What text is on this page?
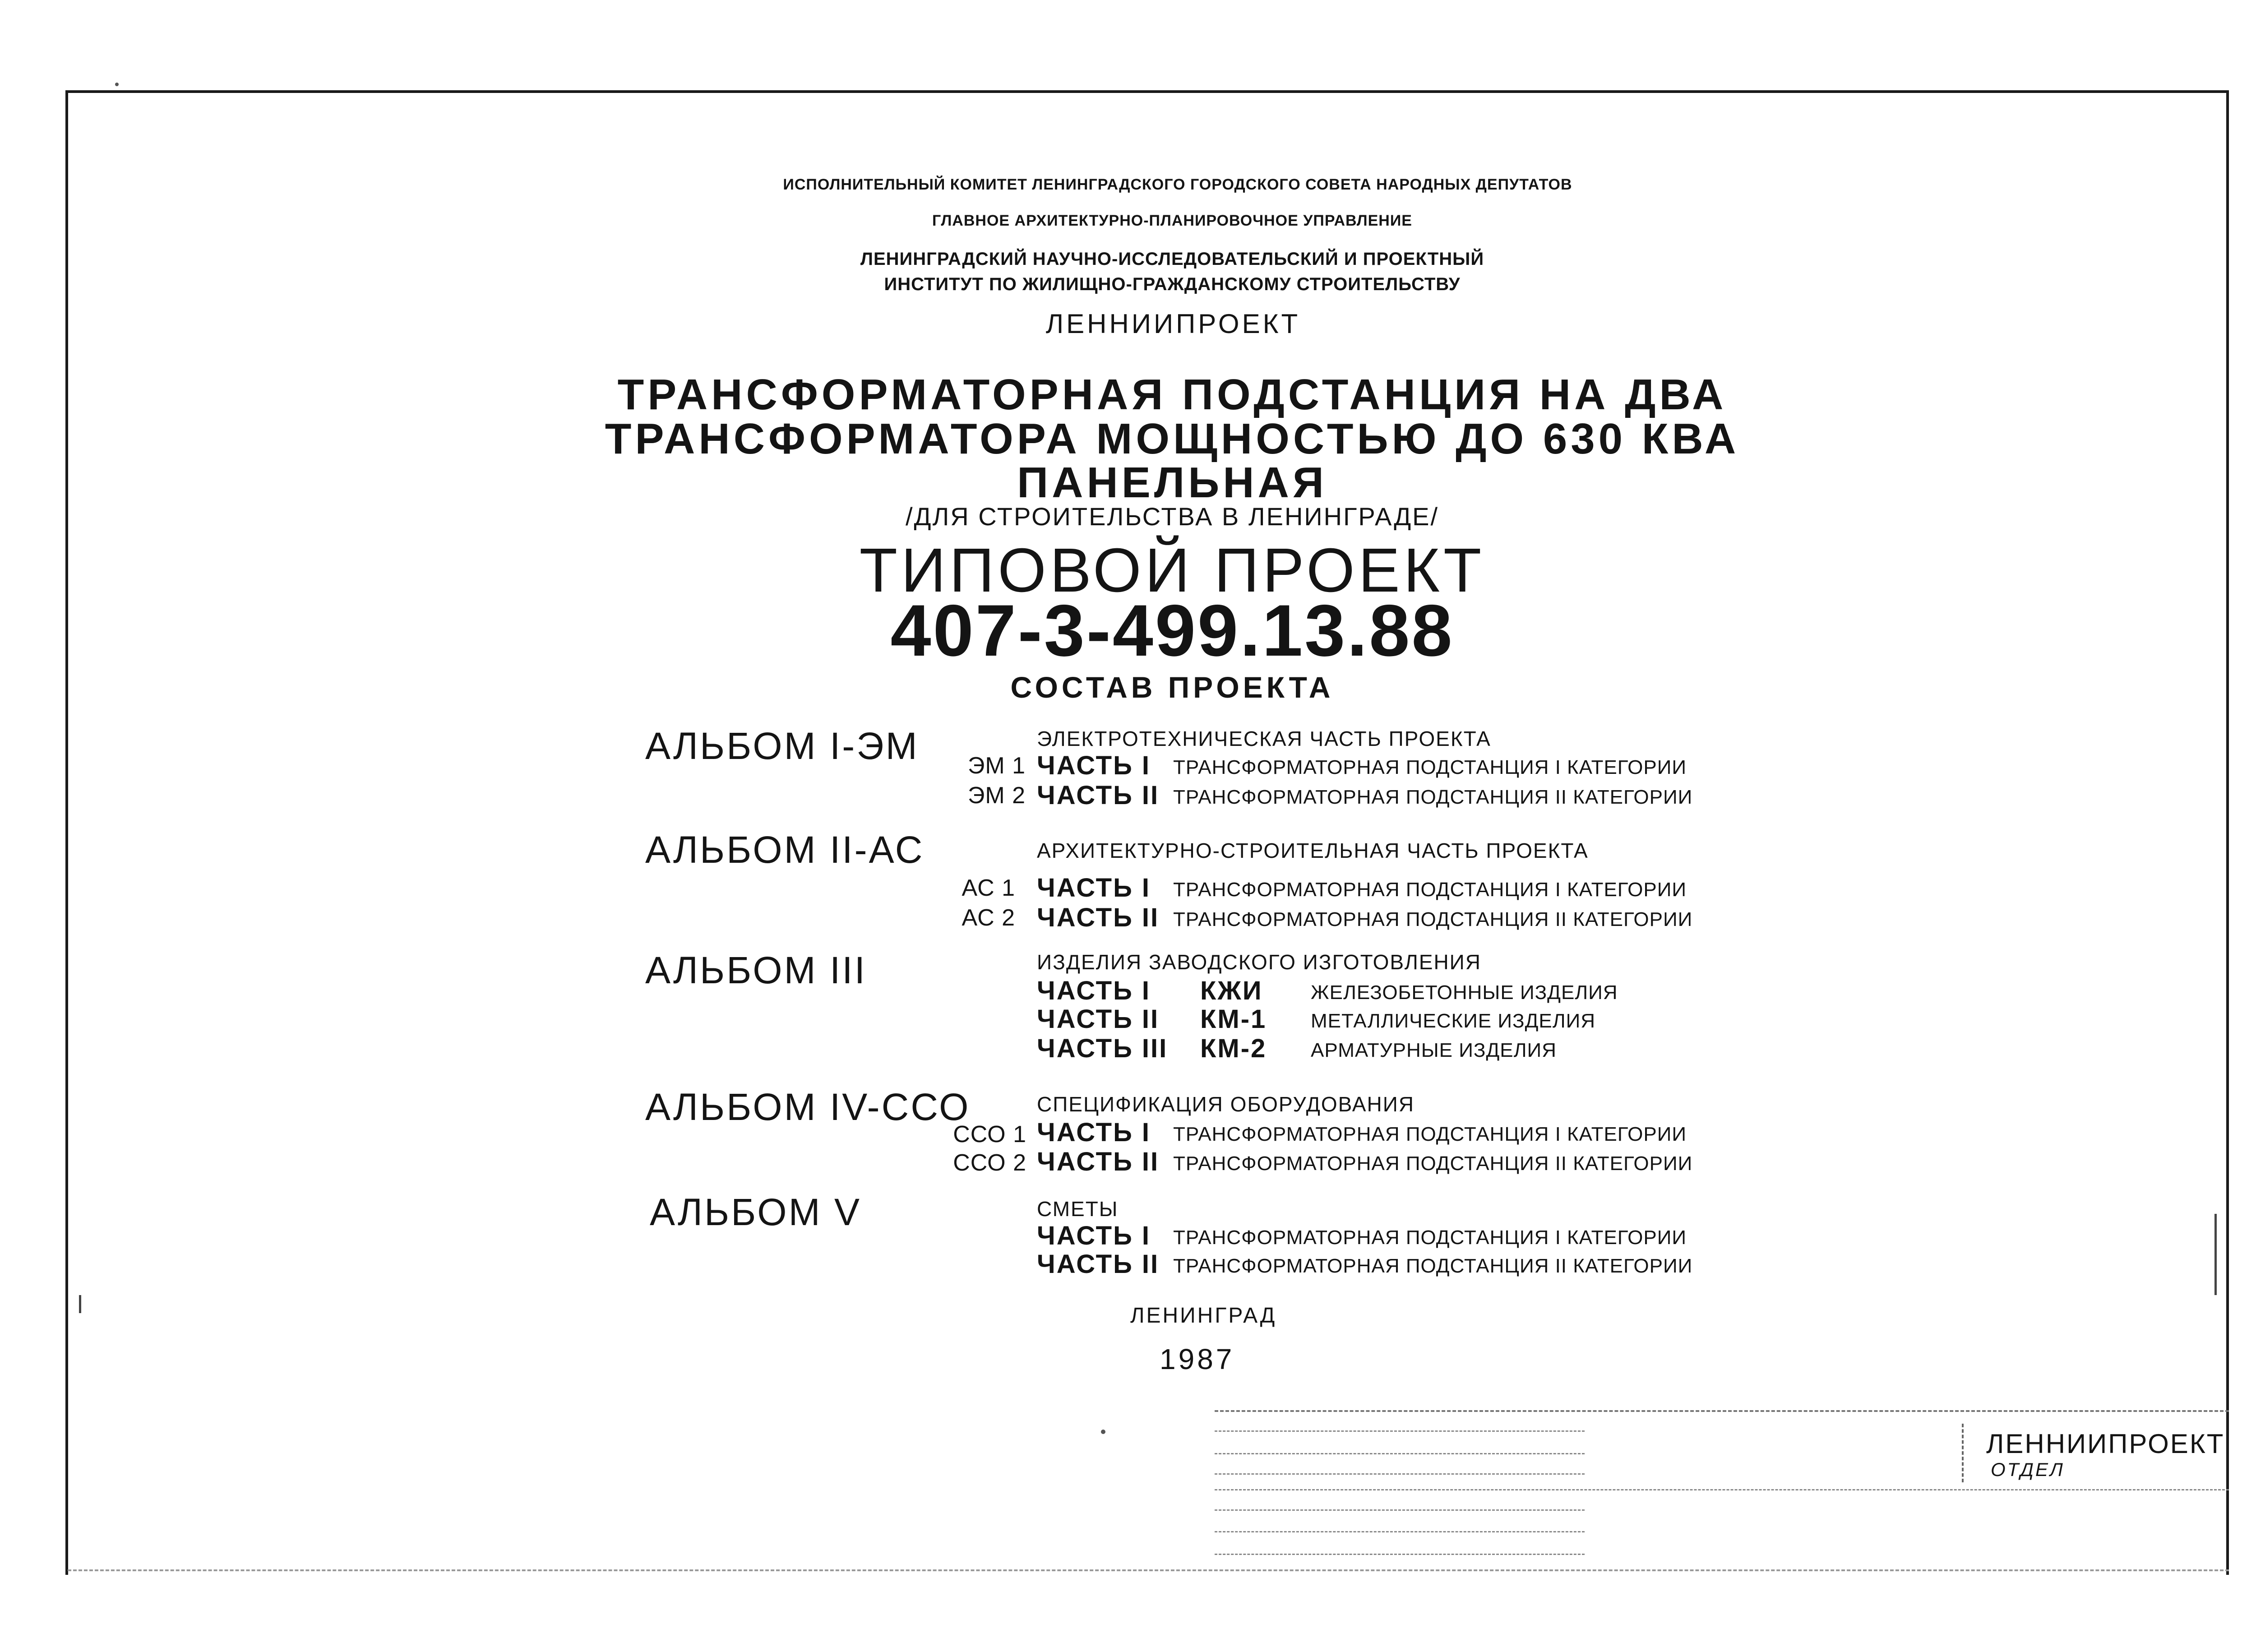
ИСПОЛНИТЕЛЬНЫЙ КОМИТЕТ ЛЕНИНГРАДСКОГО ГОРОДСКОГО СОВЕТА НАРОДНЫХ ДЕПУТАТОВ
ГЛАВНОЕ АРХИТЕКТУРНО-ПЛАНИРОВОЧНОЕ УПРАВЛЕНИЕ
ЛЕНИНГРАДСКИЙ НАУЧНО-ИССЛЕДОВАТЕЛЬСКИЙ И ПРОЕКТНЫЙ
ИНСТИТУТ ПО ЖИЛИЩНО-ГРАЖДАНСКОМУ СТРОИТЕЛЬСТВУ
ЛЕННИИПРОЕКТ
ТРАНСФОРМАТОРНАЯ ПОДСТАНЦИЯ НА ДВА
ТРАНСФОРМАТОРА МОЩНОСТЬЮ ДО 630 КВА
ПАНЕЛЬНАЯ
/ДЛЯ СТРОИТЕЛЬСТВА В ЛЕНИНГРАДЕ/
ТИПОВОЙ ПРОЕКТ
407-3-499.13.88
СОСТАВ ПРОЕКТА
АЛЬБОМ I-ЭМ	ЭЛЕКТРОТЕХНИЧЕСКАЯ ЧАСТЬ ПРОЕКТА
ЭМ 1 ЧАСТЬ I ТРАНСФОРМАТОРНАЯ ПОДСТАНЦИЯ I КАТЕГОРИИ
ЭМ 2 ЧАСТЬ II ТРАНСФОРМАТОРНАЯ ПОДСТАНЦИЯ II КАТЕГОРИИ
АЛЬБОМ II-АС	АРХИТЕКТУРНО-СТРОИТЕЛЬНАЯ ЧАСТЬ ПРОЕКТА
АС 1 ЧАСТЬ I ТРАНСФОРМАТОРНАЯ ПОДСТАНЦИЯ I КАТЕГОРИИ
АС 2 ЧАСТЬ II ТРАНСФОРМАТОРНАЯ ПОДСТАНЦИЯ II КАТЕГОРИИ
АЛЬБОМ III	ИЗДЕЛИЯ ЗАВОДСКОГО ИЗГОТОВЛЕНИЯ
ЧАСТЬ I КЖИ ЖЕЛЕЗОБЕТОННЫЕ ИЗДЕЛИЯ
ЧАСТЬ II КМ-1 МЕТАЛЛИЧЕСКИЕ ИЗДЕЛИЯ
ЧАСТЬ III КМ-2 АРМАТУРНЫЕ ИЗДЕЛИЯ
АЛЬБОМ IV-ССО	СПЕЦИФИКАЦИЯ ОБОРУДОВАНИЯ
ССО 1 ЧАСТЬ I ТРАНСФОРМАТОРНАЯ ПОДСТАНЦИЯ I КАТЕГОРИИ
ССО 2 ЧАСТЬ II ТРАНСФОРМАТОРНАЯ ПОДСТАНЦИЯ II КАТЕГОРИИ
АЛЬБОМ V	СМЕТЫ
ЧАСТЬ I ТРАНСФОРМАТОРНАЯ ПОДСТАНЦИЯ I КАТЕГОРИИ
ЧАСТЬ II ТРАНСФОРМАТОРНАЯ ПОДСТАНЦИЯ II КАТЕГОРИИ
ЛЕНИНГРАД
1987
ЛЕННИИПРОЕКТ
ОТДЕЛ
